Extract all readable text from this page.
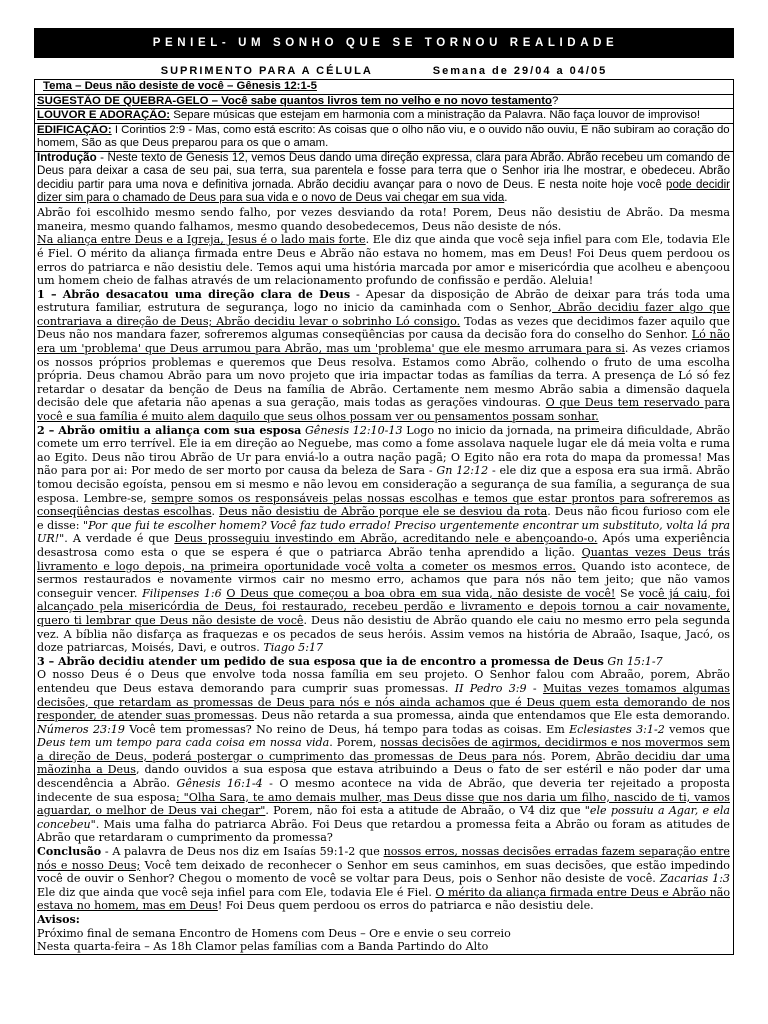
PENIEL- UM SONHO QUE SE TORNOU REALIDADE
SUPRIMENTO PARA A CÉLULA	Semana de 29/04 a 04/05
Tema – Deus não desiste de você – Gênesis 12:1-5
SUGESTÃO DE QUEBRA-GELO – Você sabe quantos livros tem no velho e no novo testamento?
LOUVOR E ADORAÇÃO: Separe músicas que estejam em harmonia com a ministração da Palavra. Não faça louvor de improviso!
EDIFICAÇÃO: I Corintios 2:9 - Mas, como está escrito: As coisas que o olho não viu, e o ouvido não ouviu, E não subiram ao coração do homem, São as que Deus preparou para os que o amam.

Introdução - Neste texto de Genesis 12, vemos Deus dando uma direção expressa, clara para Abrão. Abrão recebeu um comando de Deus para deixar a casa de seu pai, sua terra, sua parentela e fosse para terra que o Senhor iria lhe mostrar, e obedeceu. Abrão decidiu partir para uma nova e definitiva jornada. Abrão decidiu avançar para o novo de Deus. E nesta noite hoje você pode decidir dizer sim para o chamado de Deus para sua vida e o novo de Deus vai chegar em sua vida.

Abrão foi escolhido mesmo sendo falho, por vezes desviando da rota! Porem, Deus não desistiu de Abrão. Da mesma maneira, mesmo quando falhamos, mesmo quando desobedecemos, Deus não desiste de nós.

Na aliança entre Deus e a Igreja, Jesus é o lado mais forte. Ele diz que ainda que você seja infiel para com Ele, todavia Ele é Fiel. O mérito da aliança firmada entre Deus e Abrão não estava no homem, mas em Deus! Foi Deus quem perdoou os erros do patriarca e não desistiu dele. Temos aqui uma história marcada por amor e misericórdia que acolheu e abençoou um homem cheio de falhas através de um relacionamento profundo de confissão e perdão. Aleluia!

1 – Abrão desacatou uma direção clara de Deus - Apesar da disposição de Abrão de deixar para trás toda uma estrutura familiar, estrutura de segurança, logo no inicio da caminhada com o Senhor, Abrão decidiu fazer algo que contrariava a direção de Deus; Abrão decidiu levar o sobrinho Ló consigo. Todas as vezes que decidimos fazer aquilo que Deus não nos mandara fazer, sofreremos algumas conseqüências por causa da decisão fora do conselho do Senhor. Ló não era um 'problema' que Deus arrumou para Abrão, mas um 'problema' que ele mesmo arrumara para si. As vezes criamos os nossos próprios problemas e queremos que Deus resolva. Estamos como Abrão, colhendo o fruto de uma escolha própria. Deus chamou Abrão para um novo projeto que iria impactar todas as famílias da terra. A presença de Ló só fez retardar o desatar da benção de Deus na família de Abrão. Certamente nem mesmo Abrão sabia a dimensão daquela decisão dele que afetaria não apenas a sua geração, mais todas as gerações vindouras. O que Deus tem reservado para você e sua família é muito alem daquilo que seus olhos possam ver ou pensamentos possam sonhar.

2 – Abrão omitiu a aliança com sua esposa Gênesis 12:10-13 Logo no inicio da jornada, na primeira dificuldade, Abrão comete um erro terrível. Ele ia em direção ao Neguebe, mas como a fome assolava naquele lugar ele dá meia volta e ruma ao Egito. Deus não tirou Abrão de Ur para enviá-lo a outra nação pagã; O Egito não era rota do mapa da promessa! Mas não para por ai: Por medo de ser morto por causa da beleza de Sara - Gn 12:12 - ele diz que a esposa era sua irmã. Abrão tomou decisão egoísta, pensou em si mesmo e não levou em consideração a segurança de sua família, a segurança de sua esposa. Lembre-se, sempre somos os responsáveis pelas nossas escolhas e temos que estar prontos para sofreremos as conseqüências destas escolhas. Deus não desistiu de Abrão porque ele se desviou da rota. Deus não ficou furioso com ele e disse: "Por que fui te escolher homem? Você faz tudo errado! Preciso urgentemente encontrar um substituto, volta lá pra UR!". A verdade é que Deus prosseguiu investindo em Abrão, acreditando nele e abençoando-o. Após uma experiência desastrosa como esta o que se espera é que o patriarca Abrão tenha aprendido a lição. Quantas vezes Deus trás livramento e logo depois, na primeira oportunidade você volta a cometer os mesmos erros. Quando isto acontece, de sermos restaurados e novamente virmos cair no mesmo erro, achamos que para nós não tem jeito; que não vamos conseguir vencer. Filipenses 1:6 O Deus que começou a boa obra em sua vida, não desiste de você! Se você já caiu, foi alcançado pela misericórdia de Deus, foi restaurado, recebeu perdão e livramento e depois tornou a cair novamente, quero ti lembrar que Deus não desiste de você. Deus não desistiu de Abrão quando ele caiu no mesmo erro pela segunda vez. A bíblia não disfarça as fraquezas e os pecados de seus heróis. Assim vemos na história de Abraão, Isaque, Jacó, os doze patriarcas, Moisés, Davi, e outros. Tiago 5:17

3 – Abrão decidiu atender um pedido de sua esposa que ia de encontro a promessa de Deus Gn 15:1-7
O nosso Deus é o Deus que envolve toda nossa família em seu projeto. O Senhor falou com Abraão, porem, Abrão entendeu que Deus estava demorando para cumprir suas promessas. II Pedro 3:9 - Muitas vezes tomamos algumas decisões, que retardam as promessas de Deus para nós e nós ainda achamos que é Deus quem esta demorando de nos responder, de atender suas promessas. Deus não retarda a sua promessa, ainda que entendamos que Ele esta demorando. Números 23:19 Você tem promessas? No reino de Deus, há tempo para todas as coisas. Em Eclesiastes 3:1-2 vemos que Deus tem um tempo para cada coisa em nossa vida. Porem, nossas decisões de agirmos, decidirmos e nos movermos sem a direção de Deus, poderá postergar o cumprimento das promessas de Deus para nós. Porem, Abrão decidiu dar uma mãozinha a Deus, dando ouvidos a sua esposa que estava atribuindo a Deus o fato de ser estéril e não poder dar uma descendência a Abrão. Gênesis 16:1-4 - O mesmo acontece na vida de Abrão, que deveria ter rejeitado a proposta indecente de sua esposa: "Olha Sara, te amo demais mulher, mas Deus disse que nos daria um filho, nascido de ti, vamos aguardar, o melhor de Deus vai chegar". Porem, não foi esta a atitude de Abraão, o V4 diz que "ele possuiu a Agar, e ela concebeu". Mais uma falha do patriarca Abrão. Foi Deus que retardou a promessa feita a Abrão ou foram as atitudes de Abrão que retardaram o cumprimento da promessa?

Conclusão - A palavra de Deus nos diz em Isaías 59:1-2 que nossos erros, nossas decisões erradas fazem separação entre nós e nosso Deus; Você tem deixado de reconhecer o Senhor em seus caminhos, em suas decisões, que estão impedindo você de ouvir o Senhor? Chegou o momento de você se voltar para Deus, pois o Senhor não desiste de você. Zacarias 1:3 Ele diz que ainda que você seja infiel para com Ele, todavia Ele é Fiel. O mérito da aliança firmada entre Deus e Abrão não estava no homem, mas em Deus! Foi Deus quem perdoou os erros do patriarca e não desistiu dele.

Avisos:

Próximo final de semana Encontro de Homens com Deus – Ore e envie o seu correio

Nesta quarta-feira – As 18h Clamor pelas famílias com a Banda Partindo do Alto
